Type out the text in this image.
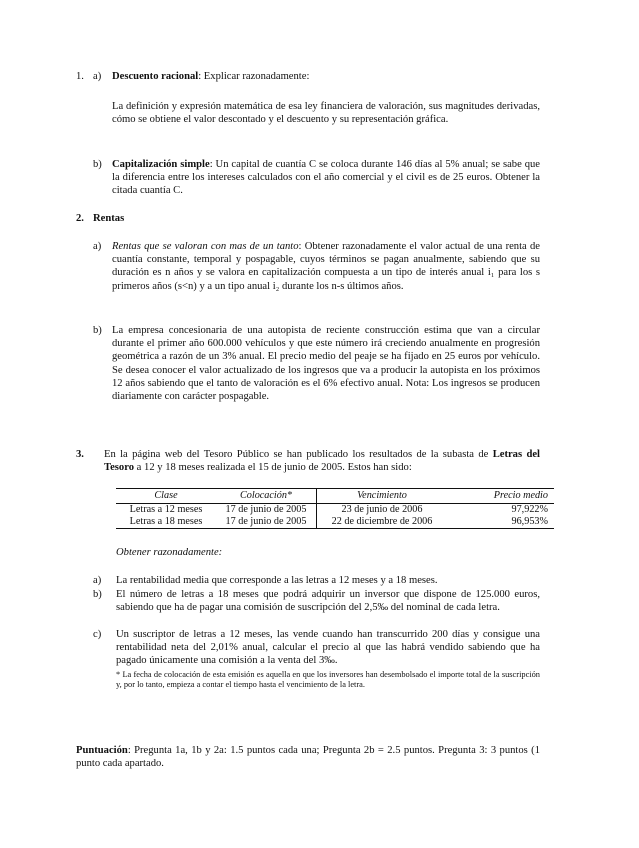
1. a) Descuento racional: Explicar razonadamente:
La definición y expresión matemática de esa ley financiera de valoración, sus magnitudes derivadas, cómo se obtiene el valor descontado y el descuento y su representación gráfica.
b) Capitalización simple: Un capital de cuantía C se coloca durante 146 días al 5% anual; se sabe que la diferencia entre los intereses calculados con el año comercial y el civil es de 25 euros. Obtener la citada cuantía C.
2. Rentas
a) Rentas que se valoran con mas de un tanto: Obtener razonadamente el valor actual de una renta de cuantía constante, temporal y pospagable, cuyos términos se pagan anualmente, sabiendo que su duración es n años y se valora en capitalización compuesta a un tipo de interés anual i₁ para los s primeros años (s<n) y a un tipo anual i₂ durante los n-s últimos años.
b) La empresa concesionaria de una autopista de reciente construcción estima que van a circular durante el primer año 600.000 vehículos y que este número irá creciendo anualmente en progresión geométrica a razón de un 3% anual. El precio medio del peaje se ha fijado en 25 euros por vehículo. Se desea conocer el valor actualizado de los ingresos que va a producir la autopista en los próximos 12 años sabiendo que el tanto de valoración es el 6% efectivo anual. Nota: Los ingresos se producen diariamente con carácter pospagable.
3. En la página web del Tesoro Público se han publicado los resultados de la subasta de Letras del Tesoro a 12 y 18 meses realizada el 15 de junio de 2005. Estos han sido:
Clase	Colocación*	Vencimiento	Precio medio
Letras a 12 meses	17 de junio de 2005	23 de junio de 2006	97,922%
Letras a 18 meses	17 de junio de 2005	22 de diciembre de 2006	96,953%
Obtener razonadamente:
a) La rentabilidad media que corresponde a las letras a 12 meses y a 18 meses.
b) El número de letras a 18 meses que podrá adquirir un inversor que dispone de 125.000 euros, sabiendo que ha de pagar una comisión de suscripción del 2,5‰ del nominal de cada letra.
c) Un suscriptor de letras a 12 meses, las vende cuando han transcurrido 200 días y consigue una rentabilidad neta del 2,01% anual, calcular el precio al que las habrá vendido sabiendo que ha pagado únicamente una comisión a la venta del 3‰.
* La fecha de colocación de esta emisión es aquella en que los inversores han desembolsado el importe total de la suscripción y, por lo tanto, empieza a contar el tiempo hasta el vencimiento de la letra.
Puntuación: Pregunta 1a, 1b y 2a: 1.5 puntos cada una; Pregunta 2b = 2.5 puntos. Pregunta 3: 3 puntos (1 punto cada apartado.
